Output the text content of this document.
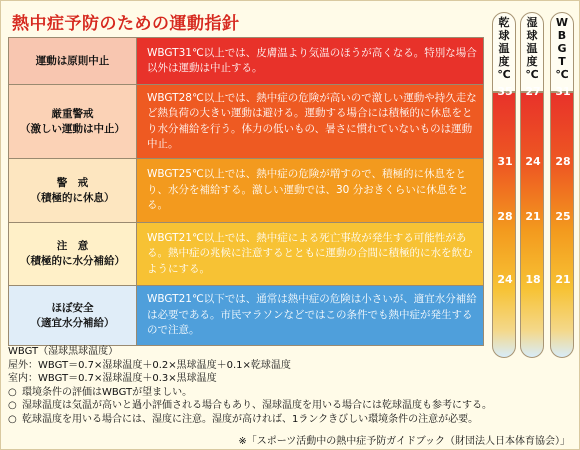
熱中症予防のための運動指針
運動は原則中止	WBGT31℃以上では、皮膚温より気温のほうが高くなる。特別な場合以外は運動は中止する。

厳重警戒
（激しい運動は中止）	WBGT28℃以上では、熱中症の危険が高いので激しい運動や持久走など熱負荷の大きい運動は避ける。運動する場合には積極的に休息をとり水分補給を行う。体力の低いもの、暑さに慣れていないものは運動中止。

警　戒
（積極的に休息）	WBGT25℃以上では、熱中症の危険が増すので、積極的に休息をとり、水分を補給する。激しい運動では、30 分おきくらいに休息をとる。

注　意
（積極的に水分補給）	WBGT21℃以上では、熱中症による死亡事故が発生する可能性がある。熱中症の兆候に注意するとともに運動の合間に積極的に水を飲むようにする。

ほぼ安全
（適宜水分補給）	WBGT21℃以下では、通常は熱中症の危険は小さいが、適宜水分補給は必要である。市民マラソンなどではこの条件でも熱中症が発生するので注意。
乾
球
温
度
℃
35
31
28
24
湿
球
温
度
℃
27
24
21
18
W
B
G
T
℃
31
28
25
21

WBGT（湿球黒球温度）

屋外：WBGT＝0.7×湿球温度＋0.2×黒球温度＋0.1×乾球温度

室内：WBGT＝0.7×湿球温度＋0.3×黒球温度

○ 環境条件の評価はWBGTが望ましい。

○ 湿球温度は気温が高いと過小評価される場合もあり、湿球温度を用いる場合には乾球温度も参考にする。

○ 乾球温度を用いる場合には、湿度に注意。湿度が高ければ、1ランクきびしい環境条件の注意が必要。

※「スポーツ活動中の熱中症予防ガイドブック（財団法人日本体育協会）」
